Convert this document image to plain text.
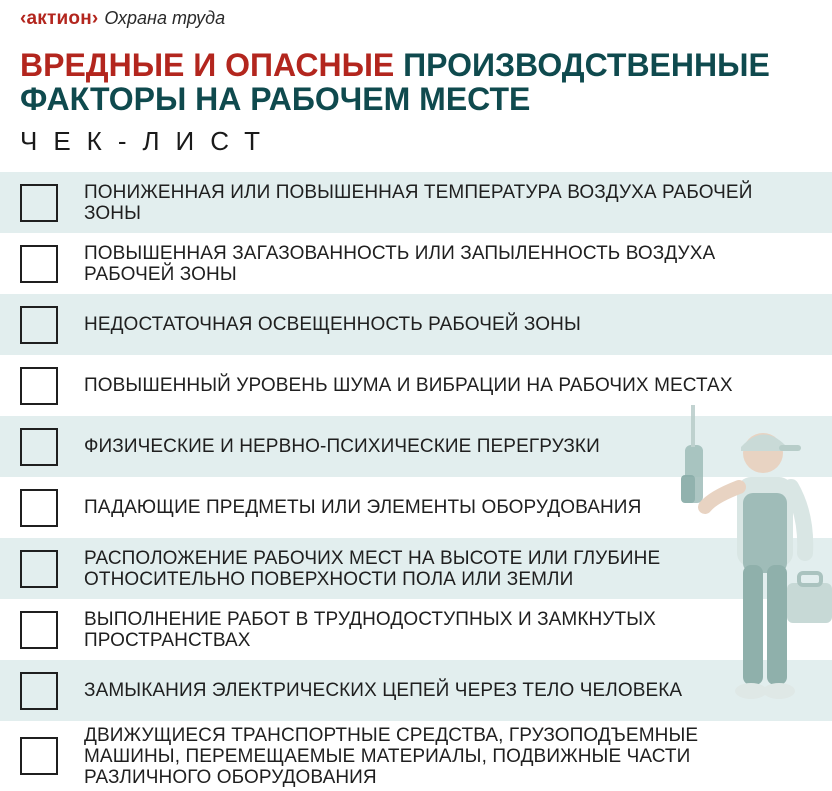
‹актион› Охрана труда
ВРЕДНЫЕ И ОПАСНЫЕ ПРОИЗВОДСТВЕННЫЕ ФАКТОРЫ НА РАБОЧЕМ МЕСТЕ
ЧЕК-ЛИСТ
ПОНИЖЕННАЯ ИЛИ ПОВЫШЕННАЯ ТЕМПЕРАТУРА ВОЗДУХА РАБОЧЕЙ ЗОНЫ
ПОВЫШЕННАЯ ЗАГАЗОВАННОСТЬ ИЛИ ЗАПЫЛЕННОСТЬ ВОЗДУХА РАБОЧЕЙ ЗОНЫ
НЕДОСТАТОЧНАЯ ОСВЕЩЕННОСТЬ РАБОЧЕЙ ЗОНЫ
ПОВЫШЕННЫЙ УРОВЕНЬ ШУМА И ВИБРАЦИИ НА РАБОЧИХ МЕСТАХ
ФИЗИЧЕСКИЕ И НЕРВНО-ПСИХИЧЕСКИЕ ПЕРЕГРУЗКИ
ПАДАЮЩИЕ ПРЕДМЕТЫ ИЛИ ЭЛЕМЕНТЫ ОБОРУДОВАНИЯ
РАСПОЛОЖЕНИЕ РАБОЧИХ МЕСТ НА ВЫСОТЕ ИЛИ ГЛУБИНЕ ОТНОСИТЕЛЬНО ПОВЕРХНОСТИ ПОЛА ИЛИ ЗЕМЛИ
ВЫПОЛНЕНИЕ РАБОТ В ТРУДНОДОСТУПНЫХ И ЗАМКНУТЫХ ПРОСТРАНСТВАХ
ЗАМЫКАНИЯ ЭЛЕКТРИЧЕСКИХ ЦЕПЕЙ ЧЕРЕЗ ТЕЛО ЧЕЛОВЕКА
ДВИЖУЩИЕСЯ ТРАНСПОРТНЫЕ СРЕДСТВА, ГРУЗОПОДЪЕМНЫЕ МАШИНЫ, ПЕРЕМЕЩАЕМЫЕ МАТЕРИАЛЫ, ПОДВИЖНЫЕ ЧАСТИ РАЗЛИЧНОГО ОБОРУДОВАНИЯ
